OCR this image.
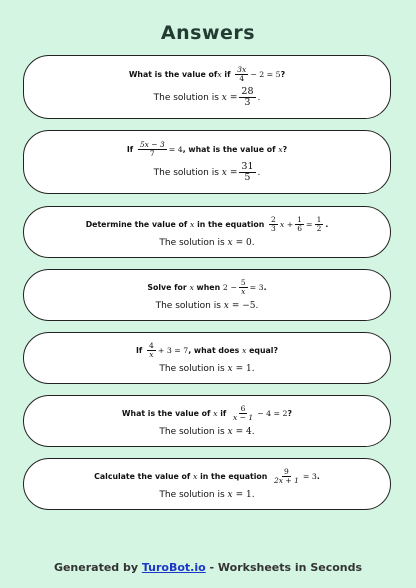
Answers
What is the value of x if $\frac{3x}{4} - 2 = 5$ ?
The solution is $x = \frac{28}{3}$ .
If $\frac{5x - 3}{7} = 4$ , what is the value of x ?
The solution is $x = \frac{31}{5}$ .
Determine the value of x in the equation $\frac{2}{3}$ $x + \frac{1}{6} = \frac{1}{2}$ .
The solution is x = 0 .
Solve for x when $2 - \frac{5}{x} = 3$ .
The solution is x = −5 .
If $\frac{4}{x} + 3 = 7$ , what does x equal?
The solution is x = 1 .
What is the value of x if $\frac{6}{x - 1} - 4 = 2$ ?
The solution is x = 4 .
Calculate the value of x in the equation $\frac{9}{2x + 1} = 3$ .
The solution is x = 1 .
Generated by TuroBot.io - Worksheets in Seconds
